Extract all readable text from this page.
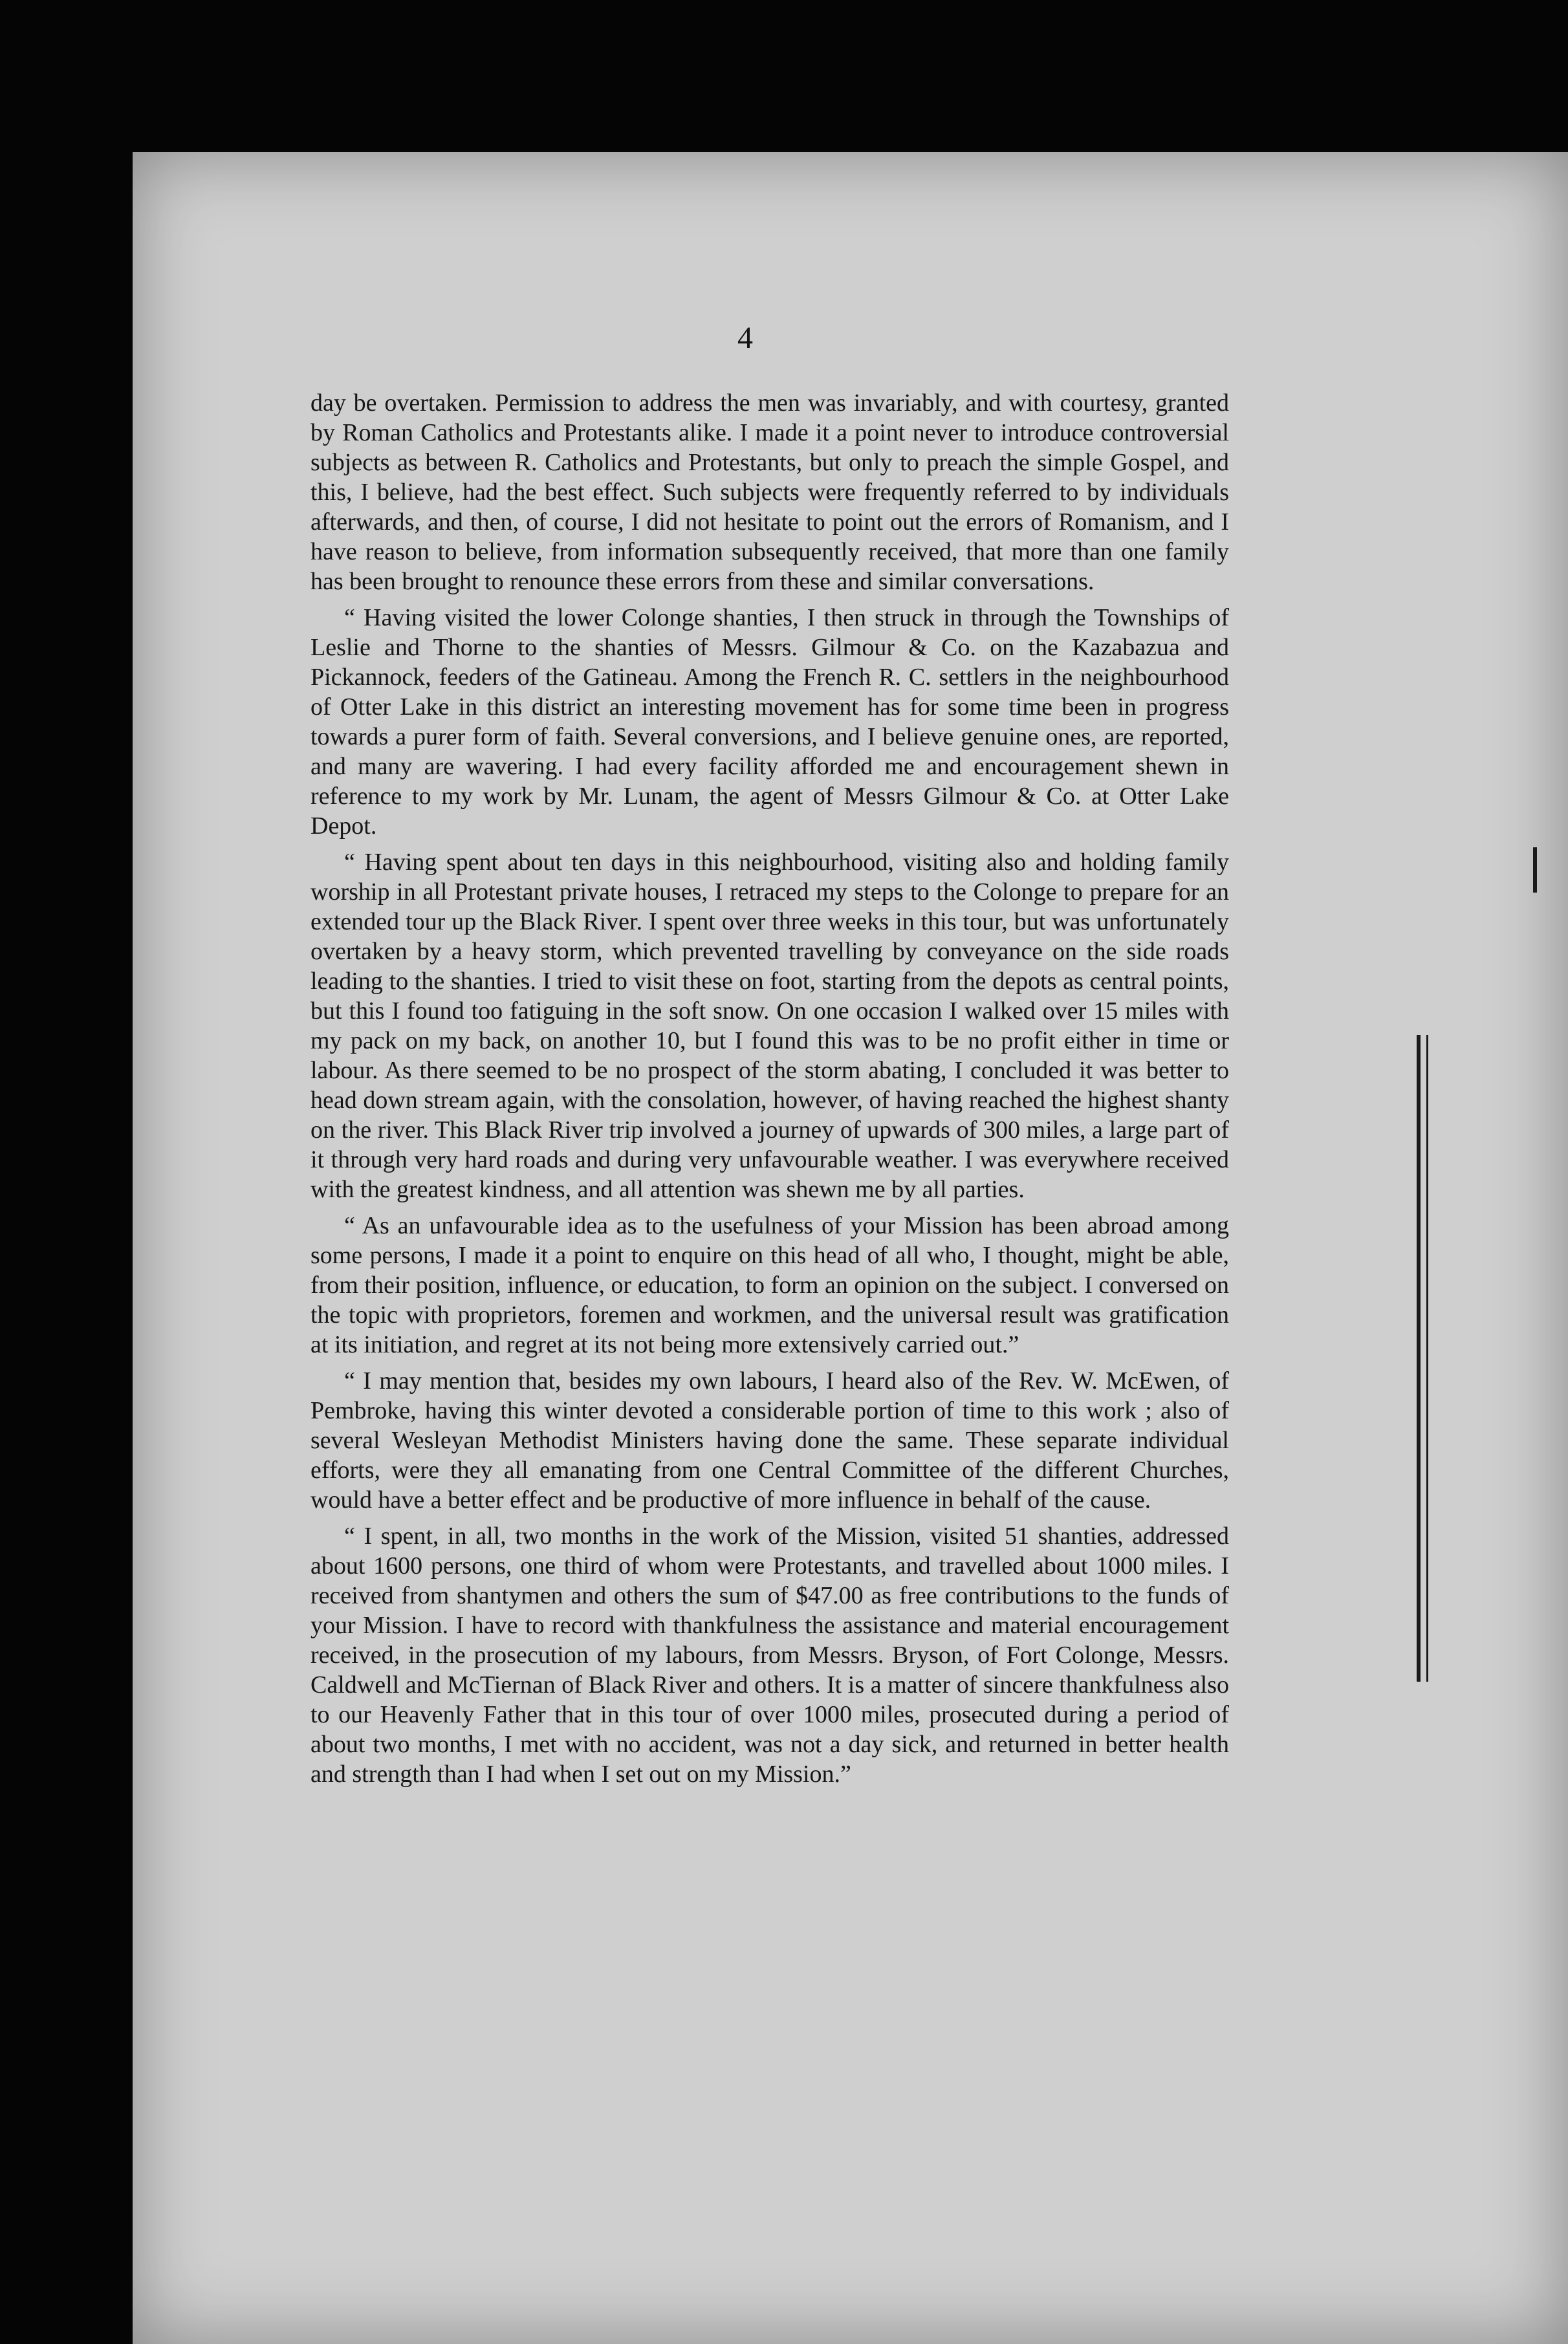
4

day be overtaken. Permission to address the men was invariably, and with courtesy, granted by Roman Catholics and Protestants alike. I made it a point never to introduce controversial subjects as between R. Catholics and Protestants, but only to preach the simple Gospel, and this, I believe, had the best effect. Such subjects were frequently referred to by individuals afterwards, and then, of course, I did not hesitate to point out the errors of Romanism, and I have reason to believe, from information subsequently received, that more than one family has been brought to renounce these errors from these and similar conversations.

“ Having visited the lower Colonge shanties, I then struck in through the Townships of Leslie and Thorne to the shanties of Messrs. Gilmour & Co. on the Kazabazua and Pickannock, feeders of the Gatineau. Among the French R. C. settlers in the neighbourhood of Otter Lake in this district an interesting movement has for some time been in progress towards a purer form of faith. Several conversions, and I believe genuine ones, are reported, and many are wavering. I had every facility afforded me and encouragement shewn in reference to my work by Mr. Lunam, the agent of Messrs Gilmour & Co. at Otter Lake Depot.

“ Having spent about ten days in this neighbourhood, visiting also and holding family worship in all Protestant private houses, I retraced my steps to the Colonge to prepare for an extended tour up the Black River. I spent over three weeks in this tour, but was unfortunately overtaken by a heavy storm, which prevented travelling by conveyance on the side roads leading to the shanties. I tried to visit these on foot, starting from the depots as central points, but this I found too fatiguing in the soft snow. On one occasion I walked over 15 miles with my pack on my back, on another 10, but I found this was to be no profit either in time or labour. As there seemed to be no prospect of the storm abating, I concluded it was better to head down stream again, with the consolation, however, of having reached the highest shanty on the river. This Black River trip involved a journey of upwards of 300 miles, a large part of it through very hard roads and during very unfavourable weather. I was everywhere received with the greatest kindness, and all attention was shewn me by all parties.

“ As an unfavourable idea as to the usefulness of your Mission has been abroad among some persons, I made it a point to enquire on this head of all who, I thought, might be able, from their position, influence, or education, to form an opinion on the subject. I conversed on the topic with proprietors, foremen and workmen, and the universal result was gratification at its initiation, and regret at its not being more extensively carried out.”

“ I may mention that, besides my own labours, I heard also of the Rev. W. McEwen, of Pembroke, having this winter devoted a considerable portion of time to this work ; also of several Wesleyan Methodist Ministers having done the same. These separate individual efforts, were they all emanating from one Central Committee of the different Churches, would have a better effect and be productive of more influence in behalf of the cause.

“ I spent, in all, two months in the work of the Mission, visited 51 shanties, addressed about 1600 persons, one third of whom were Protestants, and travelled about 1000 miles. I received from shantymen and others the sum of $47.00 as free contributions to the funds of your Mission. I have to record with thankfulness the assistance and material encouragement received, in the prosecution of my labours, from Messrs. Bryson, of Fort Colonge, Messrs. Caldwell and McTiernan of Black River and others. It is a matter of sincere thankfulness also to our Heavenly Father that in this tour of over 1000 miles, prosecuted during a period of about two months, I met with no accident, was not a day sick, and returned in better health and strength than I had when I set out on my Mission.”
